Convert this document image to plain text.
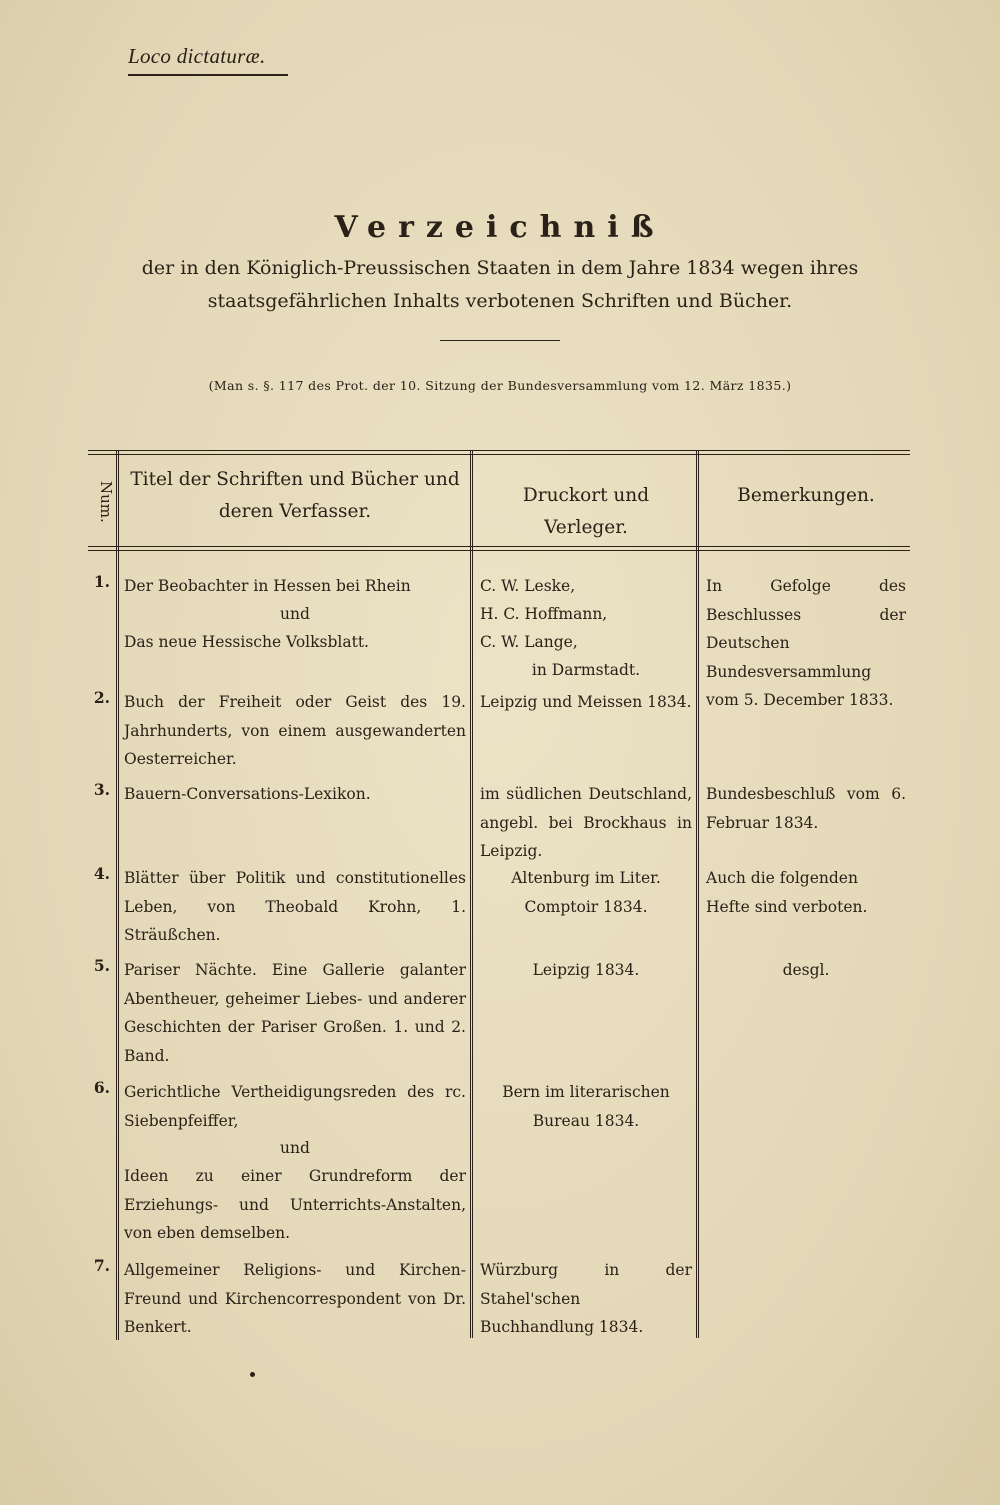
Loco dictaturæ.
Verzeichniß
der in den Königlich-Preussischen Staaten in dem Jahre 1834 wegen ihres staatsgefährlichen Inhalts verbotenen Schriften und Bücher.
(Man s. §. 117 des Prot. der 10. Sitzung der Bundesversammlung vom 12. März 1835.)
Num.
Titel der Schriften und Bücher und deren Verfasser.
Druckort und Verleger.
Bemerkungen.
1. Der Beobachter in Hessen bei Rhein
und
Das neue Hessische Volksblatt.
C. W. Leske,
H. C. Hoffmann,
C. W. Lange,
in Darmstadt.
In Gefolge des Beschlusses der Deutschen Bundesversammlung vom 5. December 1833.
2. Buch der Freiheit oder Geist des 19. Jahrhunderts, von einem ausgewanderten Oesterreicher.
Leipzig und Meissen 1834.
3. Bauern-Conversations-Lexikon.	im südlichen Deutschland, angebl. bei Brockhaus in Leipzig.
Bundesbeschluß vom 6. Februar 1834.
4. Blätter über Politik und constitutionelles Leben, von Theobald Krohn, 1. Sträußchen.
Altenburg im Liter. Comptoir 1834.
Auch die folgenden Hefte sind verboten.
5. Pariser Nächte. Eine Gallerie galanter Abentheuer, geheimer Liebes- und anderer Geschichten der Pariser Großen. 1. und 2. Band.
Leipzig 1834.	desgl.
6. Gerichtliche Vertheidigungsreden des rc. Siebenpfeiffer,
und
Ideen zu einer Grundreform der Erziehungs- und Unterrichts-Anstalten, von eben demselben.
Bern im literarischen Bureau 1834.
7. Allgemeiner Religions- und Kirchen-Freund und Kirchencorrespondent von Dr. Benkert.
Würzburg in der Stahel'schen Buchhandlung 1834.
